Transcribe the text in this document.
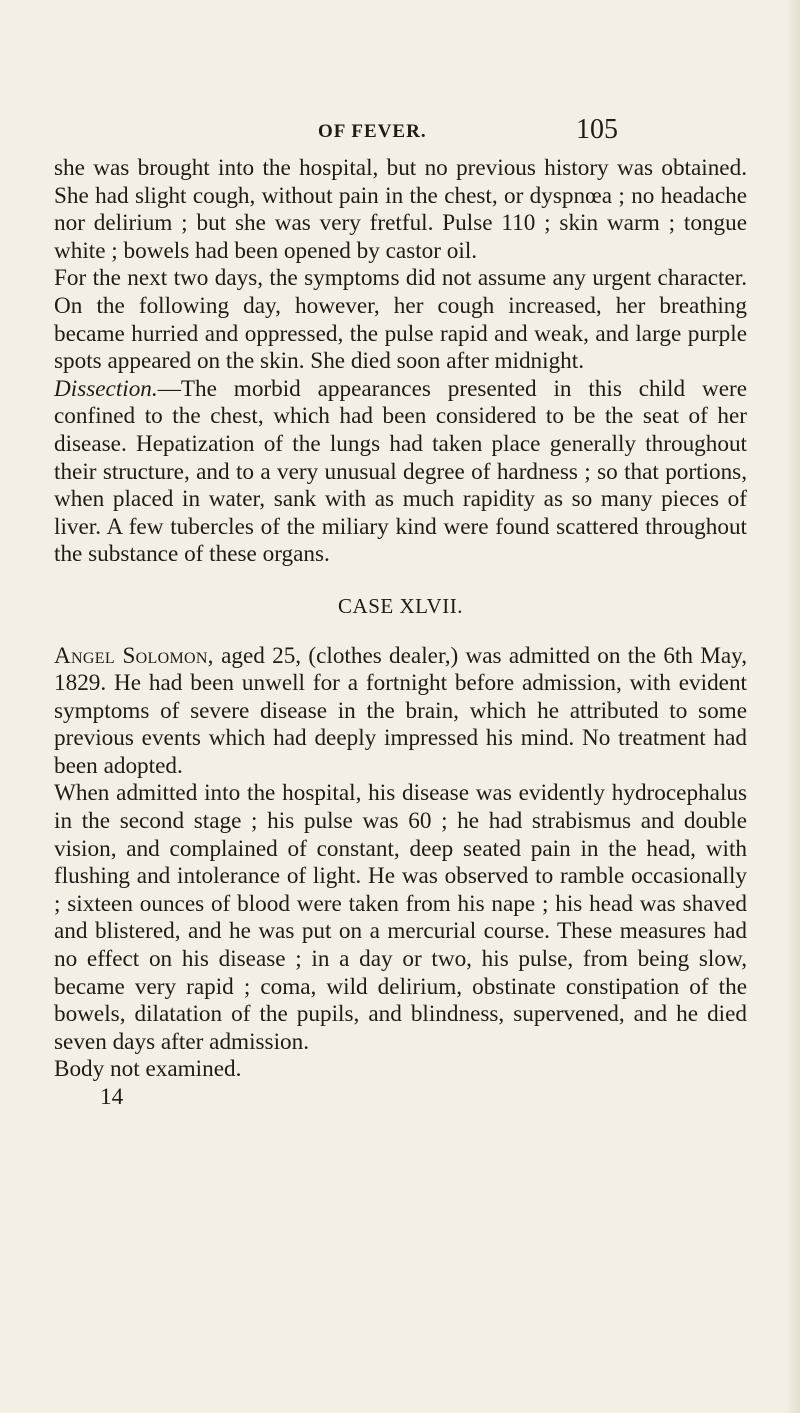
OF FEVER.	105

she was brought into the hospital, but no previous history was obtained. She had slight cough, without pain in the chest, or dyspnœa ; no headache nor delirium ; but she was very fretful. Pulse 110 ; skin warm ; tongue white ; bowels had been opened by castor oil.

For the next two days, the symptoms did not assume any urgent character. On the following day, however, her cough increased, her breathing became hurried and oppressed, the pulse rapid and weak, and large purple spots appeared on the skin. She died soon after midnight.

Dissection.—The morbid appearances presented in this child were confined to the chest, which had been considered to be the seat of her disease. Hepatization of the lungs had taken place generally throughout their structure, and to a very unusual degree of hardness ; so that portions, when placed in water, sank with as much rapidity as so many pieces of liver. A few tubercles of the miliary kind were found scattered throughout the substance of these organs.

CASE XLVII.

Angel Solomon, aged 25, (clothes dealer,) was admitted on the 6th May, 1829. He had been unwell for a fortnight before admission, with evident symptoms of severe disease in the brain, which he attributed to some previous events which had deeply impressed his mind. No treatment had been adopted.

When admitted into the hospital, his disease was evidently hydrocephalus in the second stage ; his pulse was 60 ; he had strabismus and double vision, and complained of constant, deep seated pain in the head, with flushing and intolerance of light. He was observed to ramble occasionally ; sixteen ounces of blood were taken from his nape ; his head was shaved and blistered, and he was put on a mercurial course. These measures had no effect on his disease ; in a day or two, his pulse, from being slow, became very rapid ; coma, wild delirium, obstinate constipation of the bowels, dilatation of the pupils, and blindness, supervened, and he died seven days after admission.

Body not examined.

14
